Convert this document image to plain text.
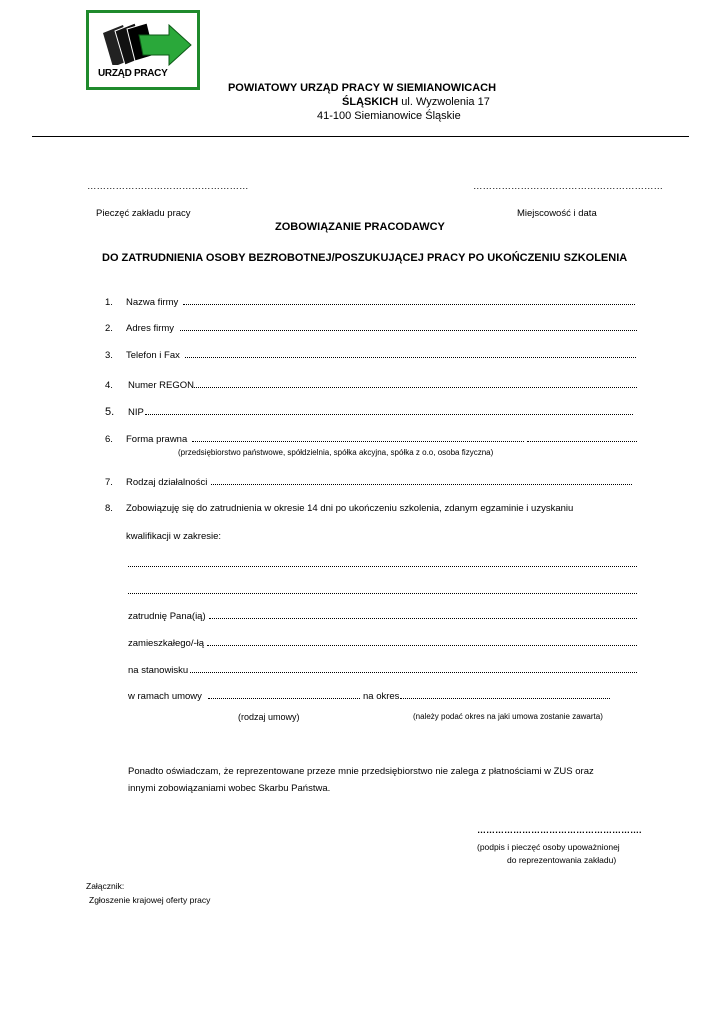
URZĄD PRACY
POWIATOWY URZĄD PRACY W SIEMIANOWICACH
ŚLĄSKICH ul. Wyzwolenia 17
41-100 Siemianowice Śląskie
……………………………………………	……………………………………………………
Pieczęć zakładu pracy	Miejscowość i data
ZOBOWIĄZANIE PRACODAWCY
DO ZATRUDNIENIA OSOBY BEZROBOTNEJ/POSZUKUJĄCEJ PRACY PO UKOŃCZENIU SZKOLENIA
1. Nazwa firmy
2. Adres firmy
3. Telefon i Fax
4. Numer REGON
5. NIP
6. Forma prawna
(przedsiębiorstwo państwowe, spółdzielnia, spółka akcyjna, spółka z o.o, osoba fizyczna)
7. Rodzaj działalności
8. Zobowiązuję się do zatrudnienia w okresie 14 dni po ukończeniu szkolenia, zdanym egzaminie i uzyskaniu
kwalifikacji w zakresie:
zatrudnię Pana(ią)
zamieszkałego/-łą
na stanowisku
w ramach umowy	na okres
(rodzaj umowy)	(należy podać okres na jaki umowa zostanie zawarta)
Ponadto oświadczam, że reprezentowane przeze mnie przedsiębiorstwo nie zalega z płatnościami w ZUS oraz
innymi zobowiązaniami wobec Skarbu Państwa.
……………………………………………….
(podpis i pieczęć osoby upoważnionej
do reprezentowania zakładu)
Załącznik:
Zgłoszenie krajowej oferty pracy
